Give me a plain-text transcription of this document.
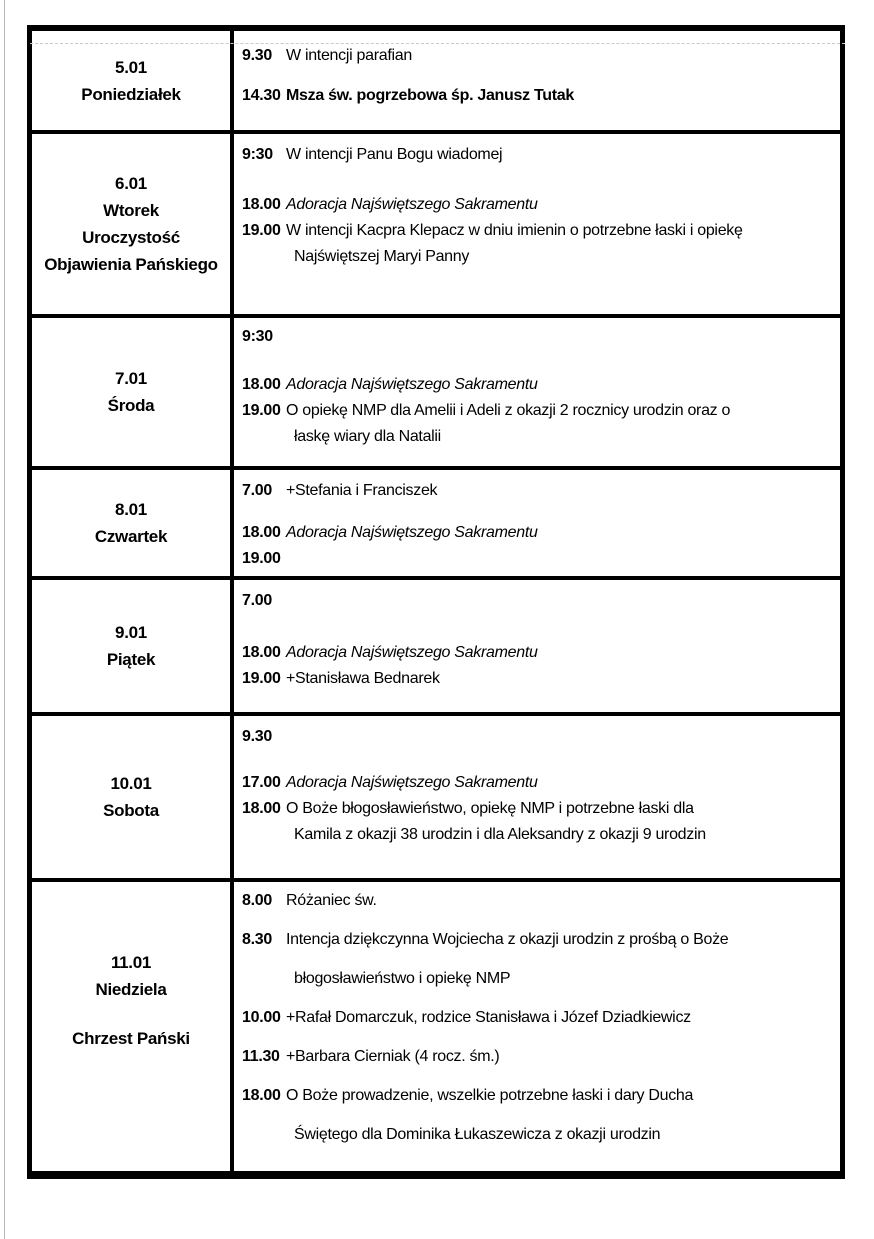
5.01
Poniedziałek
9.30 W intencji parafian
14.30 Msza św. pogrzebowa śp. Janusz Tutak
6.01
Wtorek
Uroczystość
Objawienia Pańskiego
9:30 W intencji Panu Bogu wiadomej
18.00 Adoracja Najświętszego Sakramentu
19.00 W intencji Kacpra Klepacz w dniu imienin o potrzebne łaski i opiekę
Najświętszej Maryi Panny
7.01
Środa
9:30
18.00 Adoracja Najświętszego Sakramentu
19.00 O opiekę NMP dla Amelii i Adeli z okazji 2 rocznicy urodzin oraz o
łaskę wiary dla Natalii
8.01
Czwartek
7.00 +Stefania i Franciszek
18.00 Adoracja Najświętszego Sakramentu
19.00
9.01
Piątek
7.00
18.00 Adoracja Najświętszego Sakramentu
19.00 +Stanisława Bednarek
10.01
Sobota
9.30
17.00 Adoracja Najświętszego Sakramentu
18.00 O Boże błogosławieństwo, opiekę NMP i potrzebne łaski dla
Kamila z okazji 38 urodzin i dla Aleksandry z okazji 9 urodzin
11.01
Niedziela
Chrzest Pański
8.00 Różaniec św.
8.30 Intencja dziękczynna Wojciecha z okazji urodzin z prośbą o Boże
błogosławieństwo i opiekę NMP
10.00 +Rafał Domarczuk, rodzice Stanisława i Józef Dziadkiewicz
11.30 +Barbara Cierniak (4 rocz. śm.)
18.00 O Boże prowadzenie, wszelkie potrzebne łaski i dary Ducha
Świętego dla Dominika Łukaszewicza z okazji urodzin
